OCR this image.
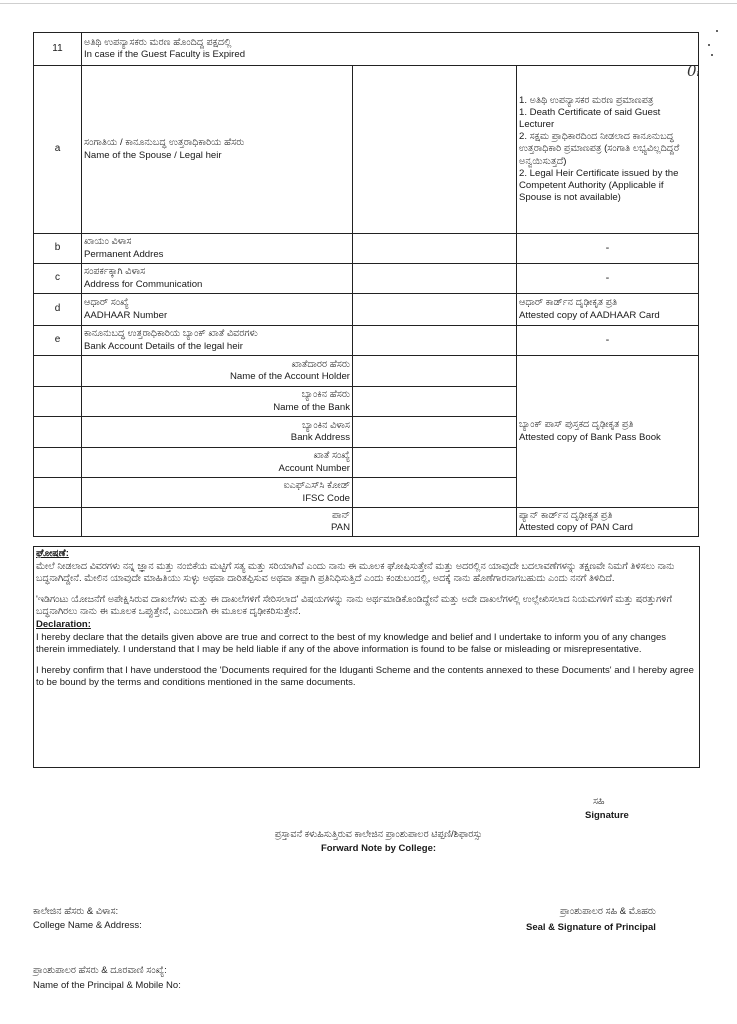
0ᵢ
11	ಅತಿಥಿ ಉಪನ್ಯಾಸಕರು ಮರಣ ಹೊಂದಿದ್ದ ಪಕ್ಷದಲ್ಲಿ
In case if the Guest Faculty is Expired		

a	ಸಂಗಾತಿಯ / ಕಾನೂನುಬದ್ಧ ಉತ್ತರಾಧಿಕಾರಿಯ ಹೆಸರು
Name of the Spouse / Legal heir		1. ಅತಿಥಿ ಉಪನ್ಯಾಸಕರ ಮರಣ ಪ್ರಮಾಣಪತ್ರ
1. Death Certificate of said Guest Lecturer
2. ಸಕ್ಷಮ ಪ್ರಾಧಿಕಾರದಿಂದ ನೀಡಲಾದ ಕಾನೂನುಬದ್ಧ ಉತ್ತರಾಧಿಕಾರಿ ಪ್ರಮಾಣಪತ್ರ (ಸಂಗಾತಿ ಲಭ್ಯವಿಲ್ಲದಿದ್ದರೆ ಅನ್ವಯಿಸುತ್ತದೆ)
2. Legal Heir Certificate issued by the Competent Authority (Applicable if Spouse is not available)

b	ಖಾಯಂ ವಿಳಾಸ
Permanent Addres		-
c	ಸಂಪರ್ಕಕ್ಕಾಗಿ ವಿಳಾಸ
Address for Communication		-
d	ಆಧಾರ್ ಸಂಖ್ಯೆ
AADHAAR Number		ಆಧಾರ್ ಕಾರ್ಡ್‌ನ ದೃಢೀಕೃತ ಪ್ರತಿ
Attested copy of AADHAAR Card

e	ಕಾನೂನುಬದ್ಧ ಉತ್ತರಾಧಿಕಾರಿಯ ಬ್ಯಾಂಕ್ ಖಾತೆ ವಿವರಗಳು
Bank Account Details of the legal heir		-

	ಖಾತೆದಾರರ ಹೆಸರು
Name of the Account Holder		ಬ್ಯಾಂಕ್ ಪಾಸ್ ಪುಸ್ತಕದ ದೃಢೀಕೃತ ಪ್ರತಿ
Attested copy of Bank Pass Book

	ಬ್ಯಾಂಕಿನ ಹೆಸರು
Name of the Bank		

	ಬ್ಯಾಂಕಿನ ವಿಳಾಸ
Bank Address		

	ಖಾತೆ ಸಂಖ್ಯೆ
Account Number		

	ಐಎಫ್‌ಎಸ್‌ಸಿ ಕೋಡ್
IFSC Code		

	ಪಾನ್
PAN		ಪ್ಯಾನ್ ಕಾರ್ಡ್‌ನ ದೃಢೀಕೃತ ಪ್ರತಿ
Attested copy of PAN Card

ಘೋಷಣೆ:

ಮೇಲೆ ನೀಡಲಾದ ವಿವರಗಳು ನನ್ನ ಜ್ಞಾನ ಮತ್ತು ನಂಬಿಕೆಯ ಮಟ್ಟಿಗೆ ಸತ್ಯ ಮತ್ತು ಸರಿಯಾಗಿವೆ ಎಂದು ನಾನು ಈ ಮೂಲಕ ಘೋಷಿಸುತ್ತೇನೆ ಮತ್ತು ಅದರಲ್ಲಿನ ಯಾವುದೇ ಬದಲಾವಣೆಗಳನ್ನು ತಕ್ಷಣವೇ ನಿಮಗೆ ತಿಳಿಸಲು ನಾನು ಬದ್ಧನಾಗಿದ್ದೇನೆ. ಮೇಲಿನ ಯಾವುದೇ ಮಾಹಿತಿಯು ಸುಳ್ಳು ಅಥವಾ ದಾರಿತಪ್ಪಿಸುವ ಅಥವಾ ತಪ್ಪಾಗಿ ಪ್ರತಿನಿಧಿಸುತ್ತಿದೆ ಎಂದು ಕಂಡುಬಂದಲ್ಲಿ, ಅದಕ್ಕೆ ನಾನು ಹೊಣೆಗಾರನಾಗಬಹುದು ಎಂದು ನನಗೆ ತಿಳಿದಿದೆ.

'ಇಡಿಗಂಟು ಯೋಜನೆಗೆ ಅಪೇಕ್ಷಿಸಿರುವ ದಾಖಲೆಗಳು ಮತ್ತು ಈ ದಾಖಲೆಗಳಿಗೆ ಸೇರಿಸಲಾದ' ವಿಷಯಗಳನ್ನು ನಾನು ಅರ್ಥಮಾಡಿಕೊಂಡಿದ್ದೇನೆ ಮತ್ತು ಅದೇ ದಾಖಲೆಗಳಲ್ಲಿ ಉಲ್ಲೇಖಿಸಲಾದ ನಿಯಮಗಳಿಗೆ ಮತ್ತು ಷರತ್ತುಗಳಿಗೆ ಬದ್ಧನಾಗಿರಲು ನಾನು ಈ ಮೂಲಕ ಒಪ್ಪುತ್ತೇನೆ, ಎಂಬುದಾಗಿ ಈ ಮೂಲಕ ದೃಢೀಕರಿಸುತ್ತೇನೆ.

Declaration:

I hereby declare that the details given above are true and correct to the best of my knowledge and belief and I undertake to inform you of any changes therein immediately. I understand that I may be held liable if any of the above information is found to be false or misleading or misrepresentative.

I hereby confirm that I have understood the 'Documents required for the Iduganti Scheme and the contents annexed to these Documents' and I hereby agree to be bound by the terms and conditions mentioned in the same documents.

ಸಹಿ
Signature
ಪ್ರಸ್ತಾವನೆ ಕಳುಹಿಸುತ್ತಿರುವ ಕಾಲೇಜಿನ ಪ್ರಾಂಶುಪಾಲರ ಟಿಪ್ಪಣಿ/ಶಿಫಾರಸ್ಸು
Forward Note by College:
ಕಾಲೇಜಿನ ಹೆಸರು & ವಿಳಾಸ:
College Name & Address:
ಪ್ರಾಂಶುಪಾಲರ ಸಹಿ & ಮೊಹರು
Seal & Signature of Principal
ಪ್ರಾಂಶುಪಾಲರ ಹೆಸರು & ದೂರವಾಣಿ ಸಂಖ್ಯೆ:
Name of the Principal & Mobile No:
